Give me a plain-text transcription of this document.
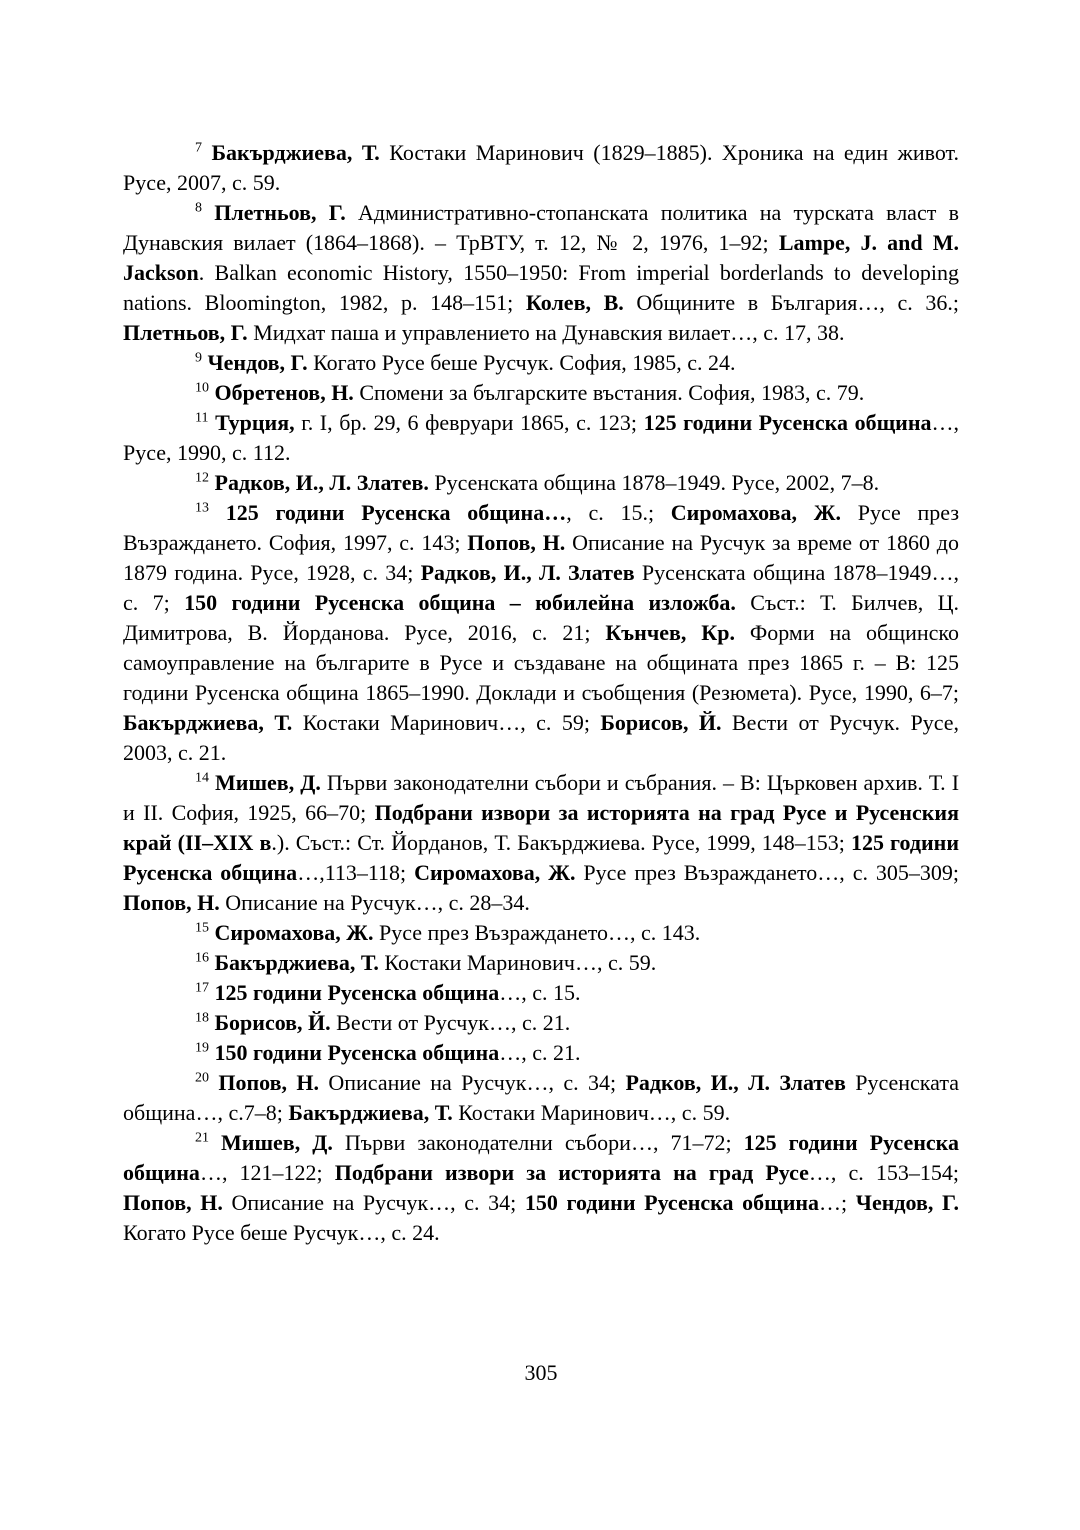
$^7$ Бакърджиева, Т. Костаки Маринович (1829–1885). Хроника на един живот. Русе, 2007, с. 59.

$^8$ Плетньов, Г. Административно-стопанската политика на турската власт в Дунавския вилает (1864–1868). – ТрВТУ, т. 12, № 2, 1976, 1–92; Lampe, J. and M. Jackson. Balkan economic History, 1550–1950: From imperial borderlands to developing nations. Bloomington, 1982, p. 148–151; Колев, В. Общините в България…, с. 36.; Плетньов, Г. Мидхат паша и управлението на Дунавския вилает…, с. 17, 38.

$^9$ Чендов, Г. Когато Русе беше Русчук. София, 1985, с. 24.

$^{10}$ Обретенов, Н. Спомени за българските въстания. София, 1983, с. 79.

$^{11}$ Турция, г. I, бр. 29, 6 февруари 1865, с. 123; 125 години Русенска община…, Русе, 1990, с. 112.

$^{12}$ Радков, И., Л. Златев. Русенската община 1878–1949. Русе, 2002, 7–8.

$^{13}$ 125 години Русенска община…, с. 15.; Сиромахова, Ж. Русе през Възраждането. София, 1997, с. 143; Попов, Н. Описание на Русчук за време от 1860 до 1879 година. Русе, 1928, с. 34; Радков, И., Л. Златев Русенската община 1878–1949…, с. 7; 150 години Русенска община – юбилейна изложба. Съст.: Т. Билчев, Ц. Димитрова, В. Йорданова. Русе, 2016, с. 21; Кънчев, Кр. Форми на общинско самоуправление на българите в Русе и създаване на общината през 1865 г. – В: 125 години Русенска община 1865–1990. Доклади и съобщения (Резюмета). Русе, 1990, 6–7; Бакърджиева, Т. Костаки Маринович…, с. 59; Борисов, Й. Вести от Русчук. Русе, 2003, с. 21.

$^{14}$ Мишев, Д. Първи законодателни събори и събрания. – В: Църковен архив. Т. I и II. София, 1925, 66–70; Подбрани извори за историята на град Русе и Русенския край (II–XIX в.). Съст.: Ст. Йорданов, Т. Бакърджиева. Русе, 1999, 148–153; 125 години Русенска община…,113–118; Сиромахова, Ж. Русе през Възраждането…, с. 305–309; Попов, Н. Описание на Русчук…, с. 28–34.

$^{15}$ Сиромахова, Ж. Русе през Възраждането…, с. 143.

$^{16}$ Бакърджиева, Т. Костаки Маринович…, с. 59.

$^{17}$ 125 години Русенска община…, с. 15.

$^{18}$ Борисов, Й. Вести от Русчук…, с. 21.

$^{19}$ 150 години Русенска община…, с. 21.

$^{20}$ Попов, Н. Описание на Русчук…, с. 34; Радков, И., Л. Златев Русенската община…, с.7–8; Бакърджиева, Т. Костаки Маринович…, с. 59.

$^{21}$ Мишев, Д. Първи законодателни събори…, 71–72; 125 години Русенска община…, 121–122; Подбрани извори за историята на град Русе…, с. 153–154; Попов, Н. Описание на Русчук…, с. 34; 150 години Русенска община…; Чендов, Г. Когато Русе беше Русчук…, с. 24.

305
